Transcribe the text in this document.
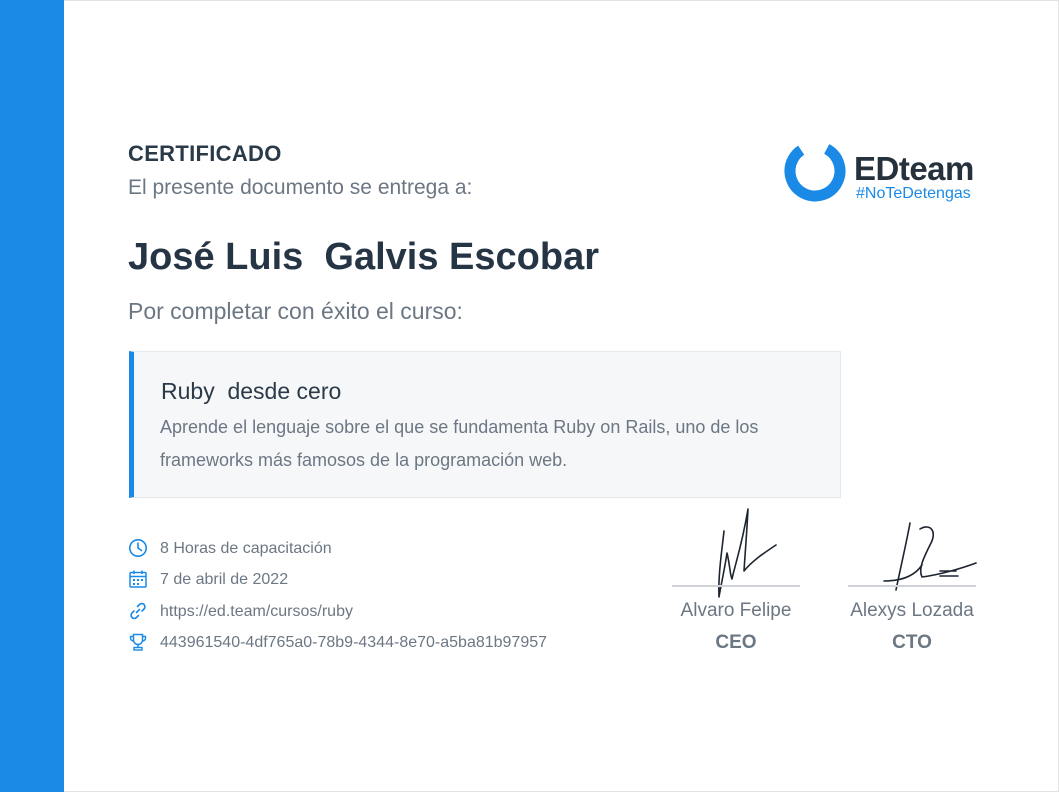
CERTIFICADO
El presente documento se entrega a:
José Luis  Galvis Escobar
Por completar con éxito el curso:
EDteam
#NoTeDetengas
Ruby  desde cero
Aprende el lenguaje sobre el que se fundamenta Ruby on Rails, uno de los frameworks más famosos de la programación web.
8 Horas de capacitación
7 de abril de 2022
https://ed.team/cursos/ruby
443961540-4df765a0-78b9-4344-8e70-a5ba81b97957
Alvaro Felipe
CEO
Alexys Lozada
CTO
